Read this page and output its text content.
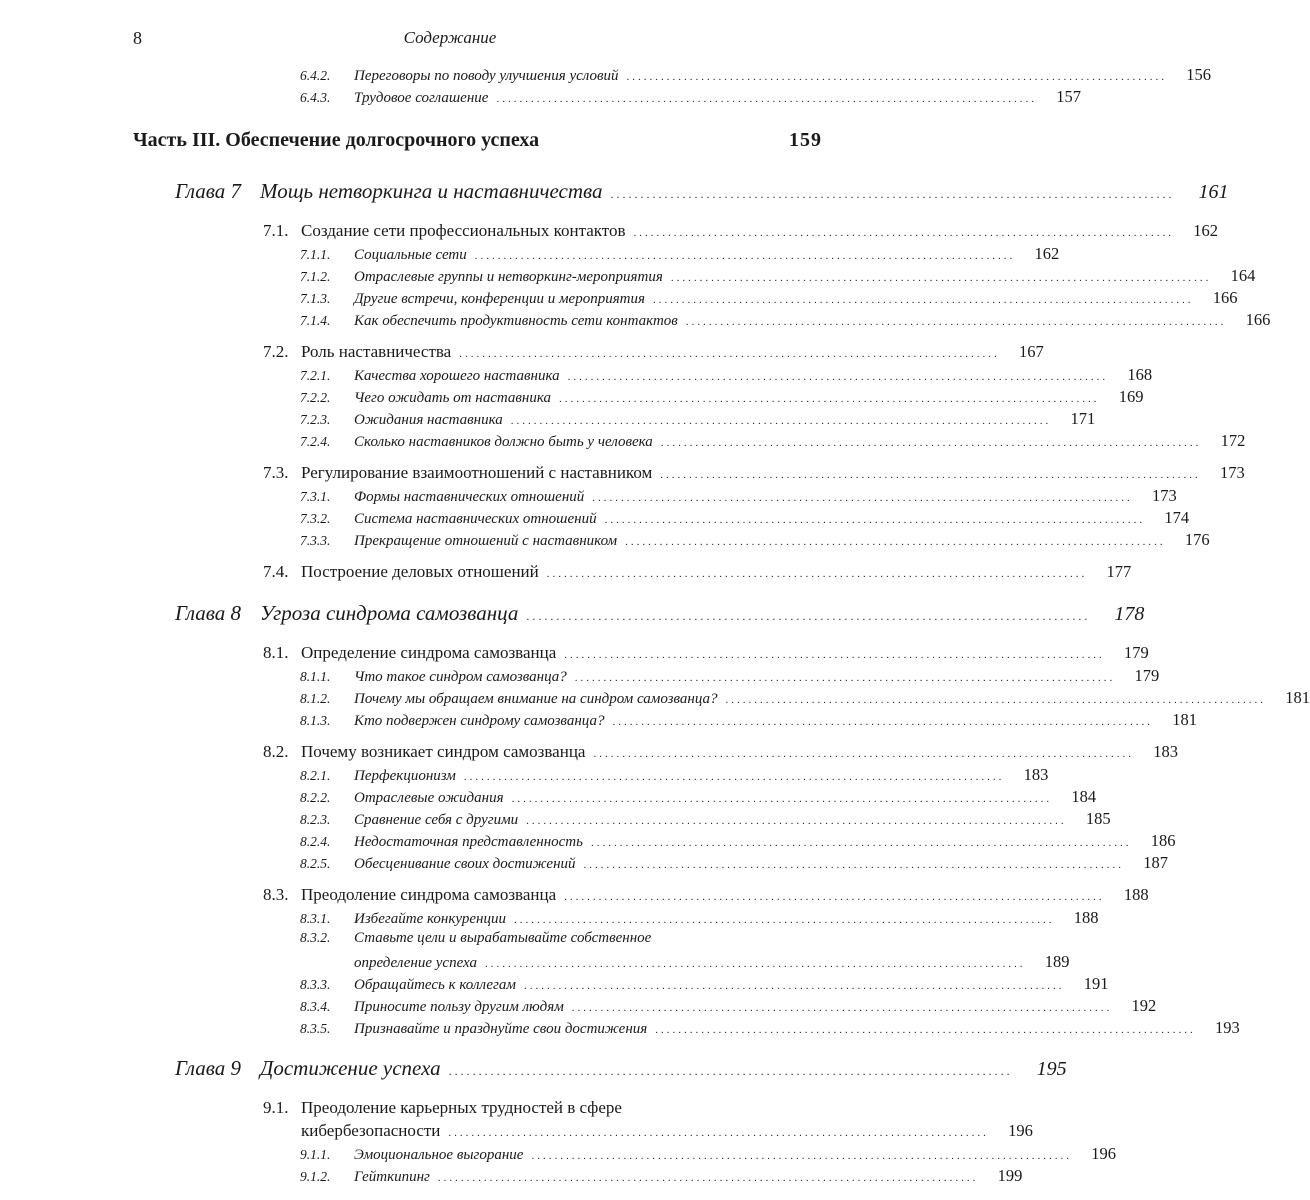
8	Содержание
6.4.2.	Переговоры по поводу улучшения условий ..............................................................................................	156
6.4.3.	Трудовое соглашение ..............................................................................................	157
Часть III. Обеспечение долгосрочного успеха	159
Глава 7 Мощь нетворкинга и наставничества ..............................................................................................	161
7.1. Создание сети профессиональных контактов ..............................................................................................	162
7.1.1.	Социальные сети ..............................................................................................	162
7.1.2.	Отраслевые группы и нетворкинг-мероприятия ..............................................................................................	164
7.1.3.	Другие встречи, конференции и мероприятия ..............................................................................................	166
7.1.4.	Как обеспечить продуктивность сети контактов ..............................................................................................	166
7.2. Роль наставничества ..............................................................................................	167
7.2.1.	Качества хорошего наставника ..............................................................................................	168
7.2.2.	Чего ожидать от наставника ..............................................................................................	169
7.2.3.	Ожидания наставника ..............................................................................................	171
7.2.4.	Сколько наставников должно быть у человека ..............................................................................................	172
7.3. Регулирование взаимоотношений с наставником ..............................................................................................	173
7.3.1.	Формы наставнических отношений ..............................................................................................	173
7.3.2.	Система наставнических отношений ..............................................................................................	174
7.3.3.	Прекращение отношений с наставником ..............................................................................................	176
7.4. Построение деловых отношений ..............................................................................................	177
Глава 8 Угроза синдрома самозванца ..............................................................................................	178
8.1. Определение синдрома самозванца ..............................................................................................	179
8.1.1.	Что такое синдром самозванца? ..............................................................................................	179
8.1.2.	Почему мы обращаем внимание на синдром самозванца? ..............................................................................................	181
8.1.3.	Кто подвержен синдрому самозванца? ..............................................................................................	181
8.2. Почему возникает синдром самозванца ..............................................................................................	183
8.2.1.	Перфекционизм ..............................................................................................	183
8.2.2.	Отраслевые ожидания ..............................................................................................	184
8.2.3.	Сравнение себя с другими ..............................................................................................	185
8.2.4.	Недостаточная представленность ..............................................................................................	186
8.2.5.	Обесценивание своих достижений ..............................................................................................	187
8.3. Преодоление синдрома самозванца ..............................................................................................	188
8.3.1.	Избегайте конкуренции ..............................................................................................	188
8.3.2.	Ставьте цели и вырабатывайте собственное
определение успеха ..............................................................................................	189
8.3.3.	Обращайтесь к коллегам ..............................................................................................	191
8.3.4.	Приносите пользу другим людям ..............................................................................................	192
8.3.5.	Признавайте и празднуйте свои достижения ..............................................................................................	193
Глава 9 Достижение успеха ..............................................................................................	195
9.1. Преодоление карьерных трудностей в сфере
кибербезопасности ..............................................................................................	196
9.1.1.	Эмоциональное выгорание ..............................................................................................	196
9.1.2.	Гейткипинг ..............................................................................................	199
